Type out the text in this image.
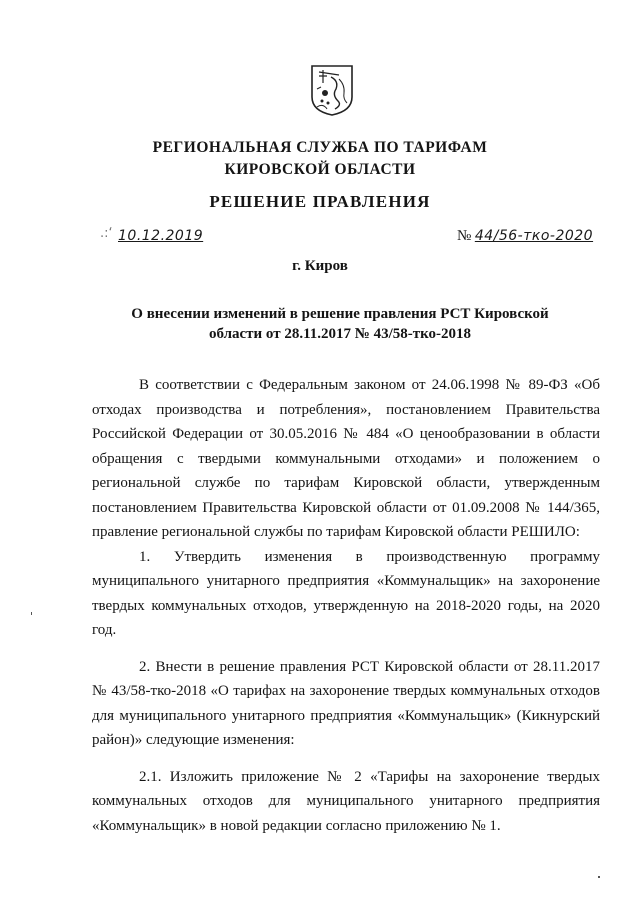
РЕГИОНАЛЬНАЯ СЛУЖБА ПО ТАРИФАМ
КИРОВСКОЙ ОБЛАСТИ
РЕШЕНИЕ ПРАВЛЕНИЯ
.:‘ 10.12.2019	№ 44/56-тко-2020
г. Киров
О внесении изменений в решение правления РСТ Кировской области от 28.11.2017 № 43/58-тко-2018

В соответствии с Федеральным законом от 24.06.1998 № 89-ФЗ «Об отходах производства и потребления», постановлением Правительства Российской Федерации от 30.05.2016 № 484 «О ценообразовании в области обращения с твердыми коммунальными отходами» и положением о региональной службе по тарифам Кировской области, утвержденным постановлением Правительства Кировской области от 01.09.2008 № 144/365, правление региональной службы по тарифам Кировской области РЕШИЛО:

1. Утвердить изменения в производственную программу муниципального унитарного предприятия «Коммунальщик» на захоронение твердых коммунальных отходов, утвержденную на 2018-2020 годы, на 2020 год.

2. Внести в решение правления РСТ Кировской области от 28.11.2017 № 43/58-тко-2018 «О тарифах на захоронение твердых коммунальных отходов для муниципального унитарного предприятия «Коммунальщик» (Кикнурский район)» следующие изменения:

2.1. Изложить приложение № 2 «Тарифы на захоронение твердых коммунальных отходов для муниципального унитарного предприятия «Коммунальщик» в новой редакции согласно приложению № 1.
